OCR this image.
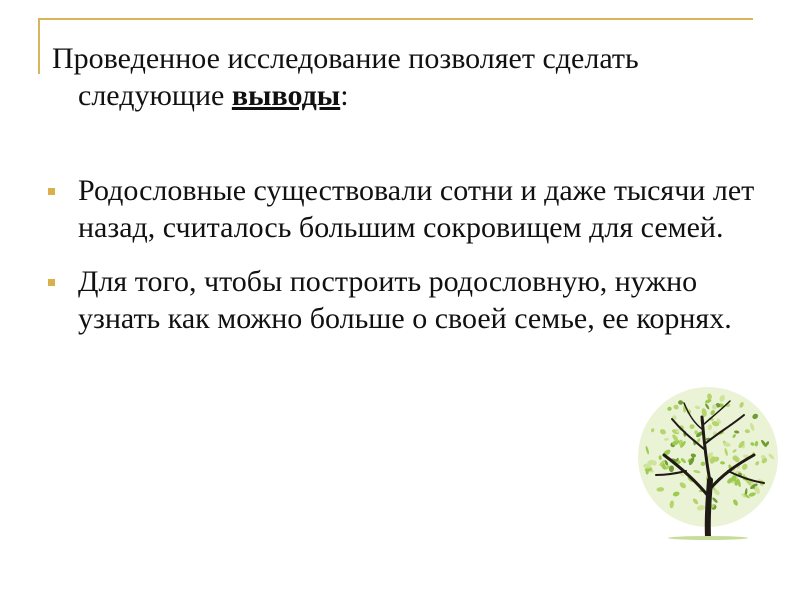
Проведенное исследование позволяет сделать
следующие выводы:
Родословные существовали сотни и даже тысячи лет назад, считалось большим сокровищем для семей.
Для того, чтобы построить родословную, нужно узнать как можно больше о своей семье, ее корнях.
